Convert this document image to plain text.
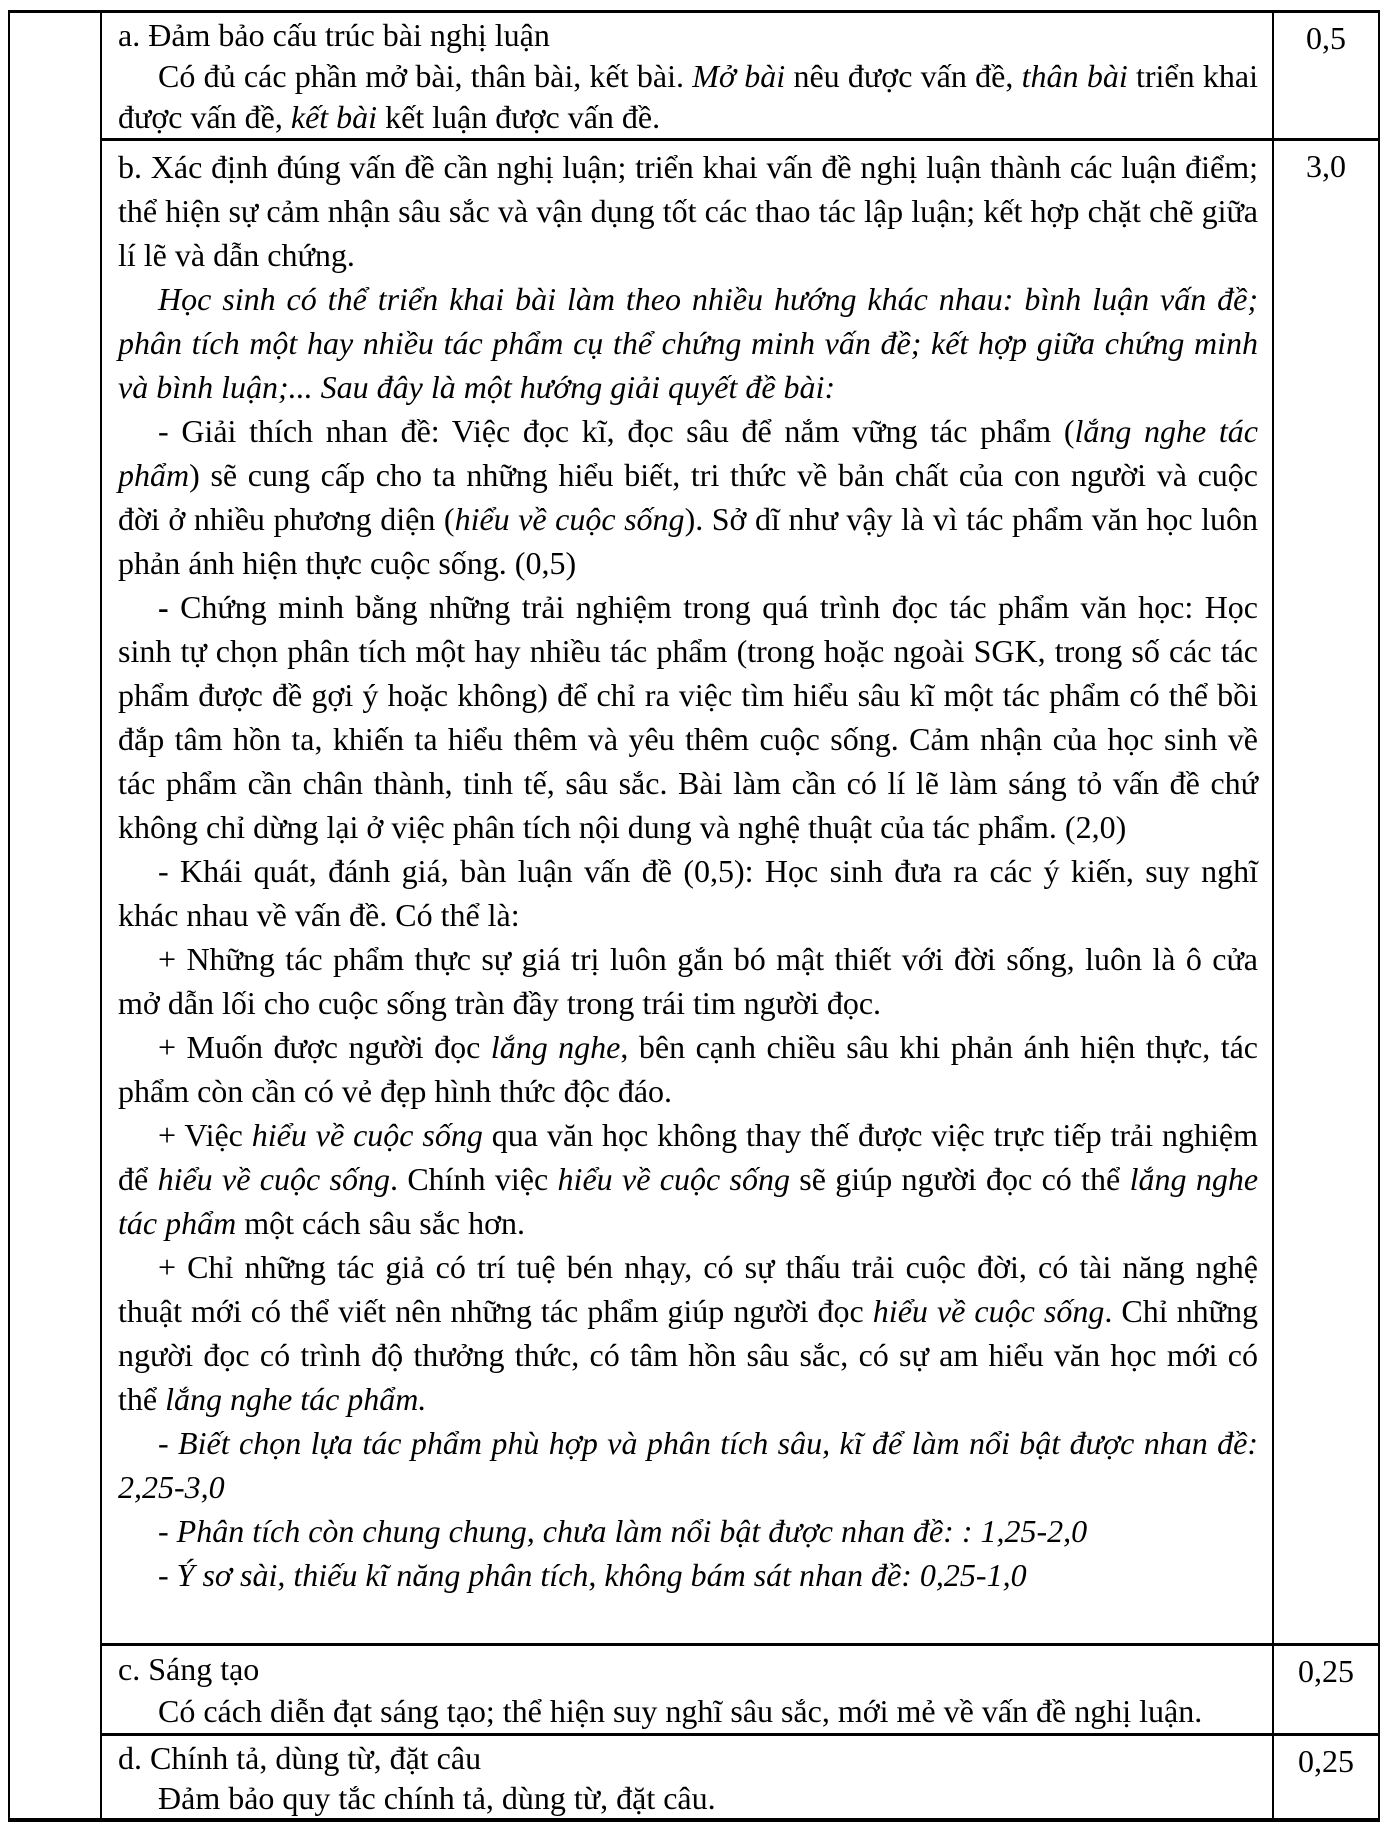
a. Đảm bảo cấu trúc bài nghị luận

Có đủ các phần mở bài, thân bài, kết bài. Mở bài nêu được vấn đề, thân bài triển khai được vấn đề, kết bài kết luận được vấn đề.

0,5

b. Xác định đúng vấn đề cần nghị luận; triển khai vấn đề nghị luận thành các luận điểm; thể hiện sự cảm nhận sâu sắc và vận dụng tốt các thao tác lập luận; kết hợp chặt chẽ giữa lí lẽ và dẫn chứng.

Học sinh có thể triển khai bài làm theo nhiều hướng khác nhau: bình luận vấn đề; phân tích một hay nhiều tác phẩm cụ thể chứng minh vấn đề; kết hợp giữa chứng minh và bình luận;... Sau đây là một hướng giải quyết đề bài:

- Giải thích nhan đề: Việc đọc kĩ, đọc sâu để nắm vững tác phẩm (lắng nghe tác phẩm) sẽ cung cấp cho ta những hiểu biết, tri thức về bản chất của con người và cuộc đời ở nhiều phương diện (hiểu về cuộc sống). Sở dĩ như vậy là vì tác phẩm văn học luôn phản ánh hiện thực cuộc sống. (0,5)

- Chứng minh bằng những trải nghiệm trong quá trình đọc tác phẩm văn học: Học sinh tự chọn phân tích một hay nhiều tác phẩm (trong hoặc ngoài SGK, trong số các tác phẩm được đề gợi ý hoặc không) để chỉ ra việc tìm hiểu sâu kĩ một tác phẩm có thể bồi đắp tâm hồn ta, khiến ta hiểu thêm và yêu thêm cuộc sống. Cảm nhận của học sinh về tác phẩm cần chân thành, tinh tế, sâu sắc. Bài làm cần có lí lẽ làm sáng tỏ vấn đề chứ không chỉ dừng lại ở việc phân tích nội dung và nghệ thuật của tác phẩm. (2,0)

- Khái quát, đánh giá, bàn luận vấn đề (0,5): Học sinh đưa ra các ý kiến, suy nghĩ khác nhau về vấn đề. Có thể là:

+ Những tác phẩm thực sự giá trị luôn gắn bó mật thiết với đời sống, luôn là ô cửa mở dẫn lối cho cuộc sống tràn đầy trong trái tim người đọc.

+ Muốn được người đọc lắng nghe, bên cạnh chiều sâu khi phản ánh hiện thực, tác phẩm còn cần có vẻ đẹp hình thức độc đáo.

+ Việc hiểu về cuộc sống qua văn học không thay thế được việc trực tiếp trải nghiệm để hiểu về cuộc sống. Chính việc hiểu về cuộc sống sẽ giúp người đọc có thể lắng nghe tác phẩm một cách sâu sắc hơn.

+ Chỉ những tác giả có trí tuệ bén nhạy, có sự thấu trải cuộc đời, có tài năng nghệ thuật mới có thể viết nên những tác phẩm giúp người đọc hiểu về cuộc sống. Chỉ những người đọc có trình độ thưởng thức, có tâm hồn sâu sắc, có sự am hiểu văn học mới có thể lắng nghe tác phẩm.

- Biết chọn lựa tác phẩm phù hợp và phân tích sâu, kĩ để làm nổi bật được nhan đề: 2,25-3,0

- Phân tích còn chung chung, chưa làm nổi bật được nhan đề: : 1,25-2,0

- Ý sơ sài, thiếu kĩ năng phân tích, không bám sát nhan đề: 0,25-1,0

3,0

c. Sáng tạo

Có cách diễn đạt sáng tạo; thể hiện suy nghĩ sâu sắc, mới mẻ về vấn đề nghị luận.

0,25

d. Chính tả, dùng từ, đặt câu

Đảm bảo quy tắc chính tả, dùng từ, đặt câu.

0,25
